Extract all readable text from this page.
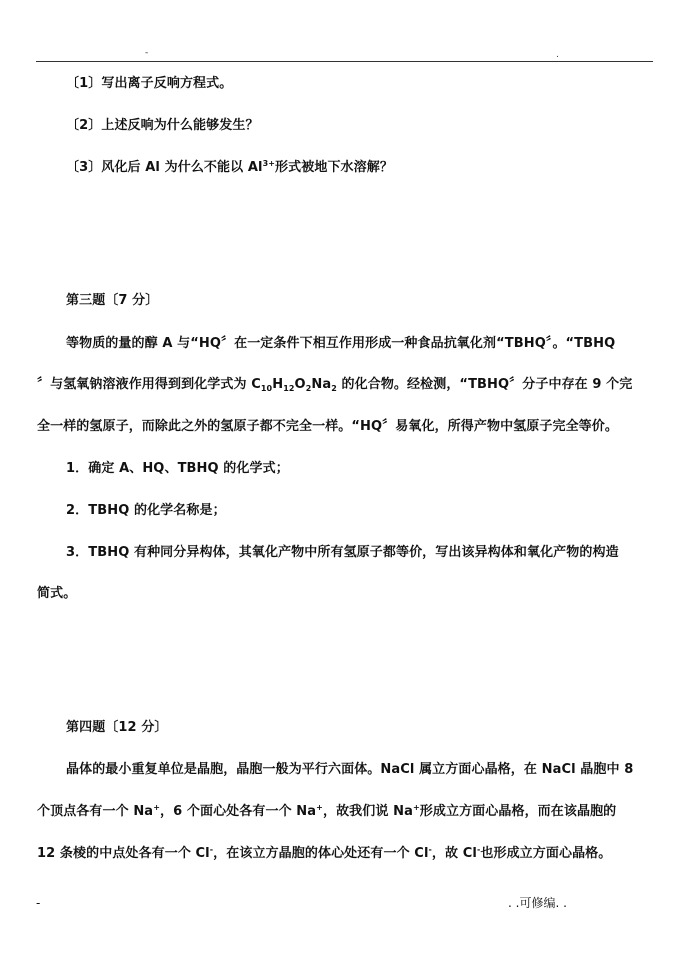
-	.
〔1〕写出离子反响方程式。
〔2〕上述反响为什么能够发生？
〔3〕风化后 Al 为什么不能以 $Al^{3+}$形式被地下水溶解？
第三题〔7 分〕
等物质的量的醇 A 与“HQ〞在一定条件下相互作用形成一种食品抗氧化剂“TBHQ〞。“TBHQ
〞与氢氧钠溶液作用得到到化学式为 $C_{10}H_{12}O_2Na_2$ 的化合物。经检测，“TBHQ〞分子中存在 9 个完
全一样的氢原子，而除此之外的氢原子都不完全一样。“HQ〞易氧化，所得产物中氢原子完全等价。
1．确定 A、HQ、TBHQ 的化学式；
2．TBHQ 的化学名称是；
3．TBHQ 有种同分异构体，其氧化产物中所有氢原子都等价，写出该异构体和氧化产物的构造
简式。
第四题〔12 分〕
晶体的最小重复单位是晶胞，晶胞一般为平行六面体。NaCl 属立方面心晶格，在 NaCl 晶胞中 8
个顶点各有一个 Na+，6 个面心处各有一个 Na+，故我们说 Na+形成立方面心晶格，而在该晶胞的
12 条棱的中点处各有一个 Cl-，在该立方晶胞的体心处还有一个 Cl-，故 Cl-也形成立方面心晶格。
-	. .可修编. .
